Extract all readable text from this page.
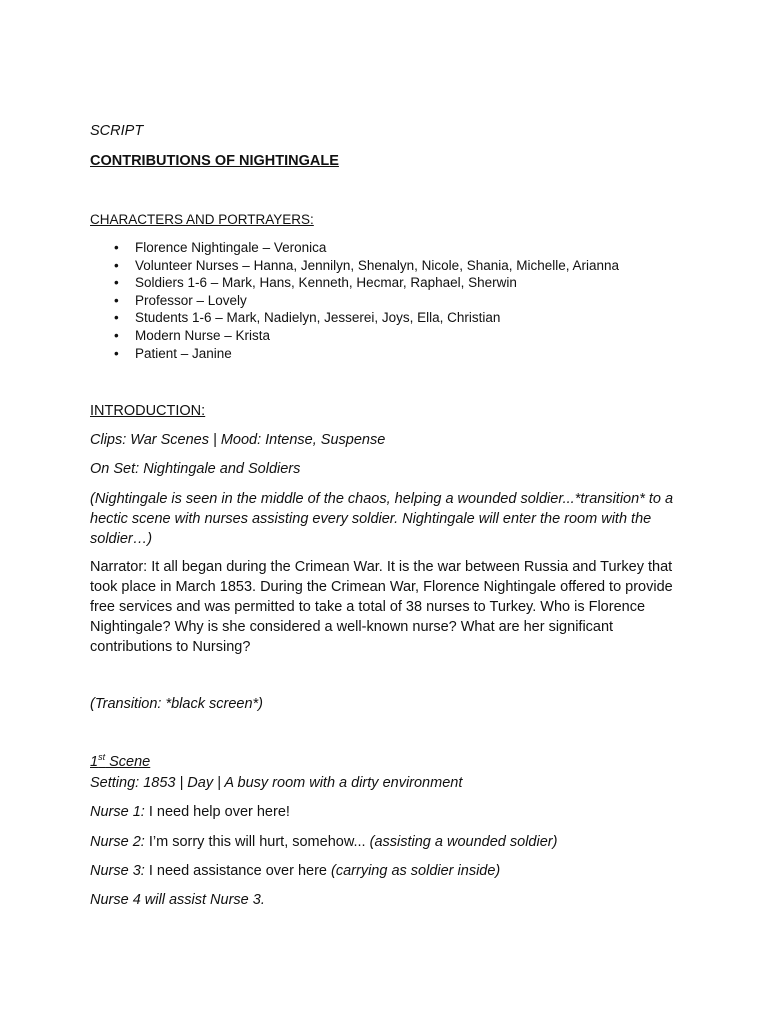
SCRIPT
CONTRIBUTIONS OF NIGHTINGALE
CHARACTERS AND PORTRAYERS:
• Florence Nightingale – Veronica
• Volunteer Nurses – Hanna, Jennilyn, Shenalyn, Nicole, Shania, Michelle, Arianna
• Soldiers 1-6 – Mark, Hans, Kenneth, Hecmar, Raphael, Sherwin
• Professor – Lovely
• Students 1-6 – Mark, Nadielyn, Jesserei, Joys, Ella, Christian
• Modern Nurse – Krista
• Patient – Janine
INTRODUCTION:
Clips: War Scenes | Mood: Intense, Suspense
On Set: Nightingale and Soldiers
(Nightingale is seen in the middle of the chaos, helping a wounded soldier...*transition* to a hectic scene with nurses assisting every soldier. Nightingale will enter the room with the soldier…)
Narrator: It all began during the Crimean War. It is the war between Russia and Turkey that took place in March 1853. During the Crimean War, Florence Nightingale offered to provide free services and was permitted to take a total of 38 nurses to Turkey. Who is Florence Nightingale? Why is she considered a well-known nurse? What are her significant contributions to Nursing?
(Transition: *black screen*)
1st Scene
Setting: 1853 | Day | A busy room with a dirty environment
Nurse 1: I need help over here!
Nurse 2: I’m sorry this will hurt, somehow... (assisting a wounded soldier)
Nurse 3: I need assistance over here (carrying as soldier inside)
Nurse 4 will assist Nurse 3.
